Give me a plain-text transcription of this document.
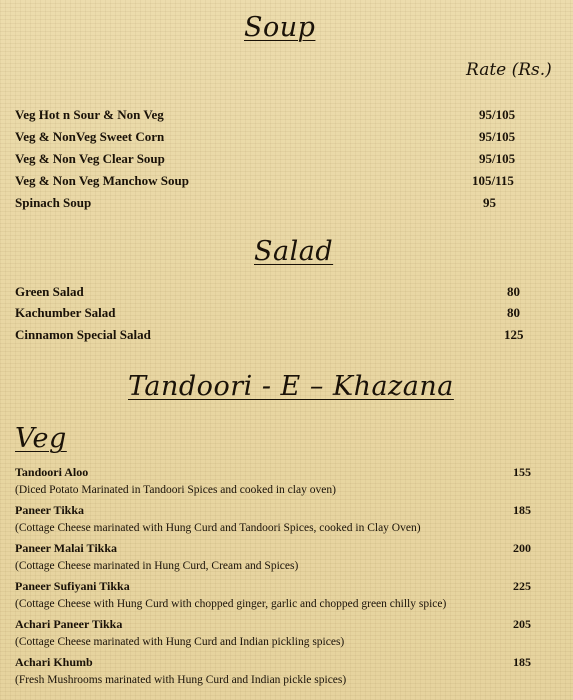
Soup
Rate (Rs.)
Veg Hot n Sour & Non Veg	95/105
Veg & NonVeg Sweet Corn	95/105
Veg & Non Veg Clear Soup	95/105
Veg & Non Veg Manchow Soup	105/115
Spinach Soup	95
Salad
Green Salad	80
Kachumber Salad	80
Cinnamon Special Salad	125
Tandoori - E – Khazana
Veg
Tandoori Aloo	155
(Diced Potato Marinated in Tandoori Spices and cooked in clay oven)
Paneer Tikka	185
(Cottage Cheese marinated with Hung Curd and Tandoori Spices, cooked in Clay Oven)
Paneer Malai Tikka	200
(Cottage Cheese marinated in Hung Curd, Cream and Spices)
Paneer Sufiyani Tikka	225
(Cottage Cheese with Hung Curd with chopped ginger, garlic and chopped green chilly spice)
Achari Paneer Tikka	205
(Cottage Cheese marinated with Hung Curd and Indian pickling spices)
Achari Khumb	185
(Fresh Mushrooms marinated with Hung Curd and Indian pickle spices)
